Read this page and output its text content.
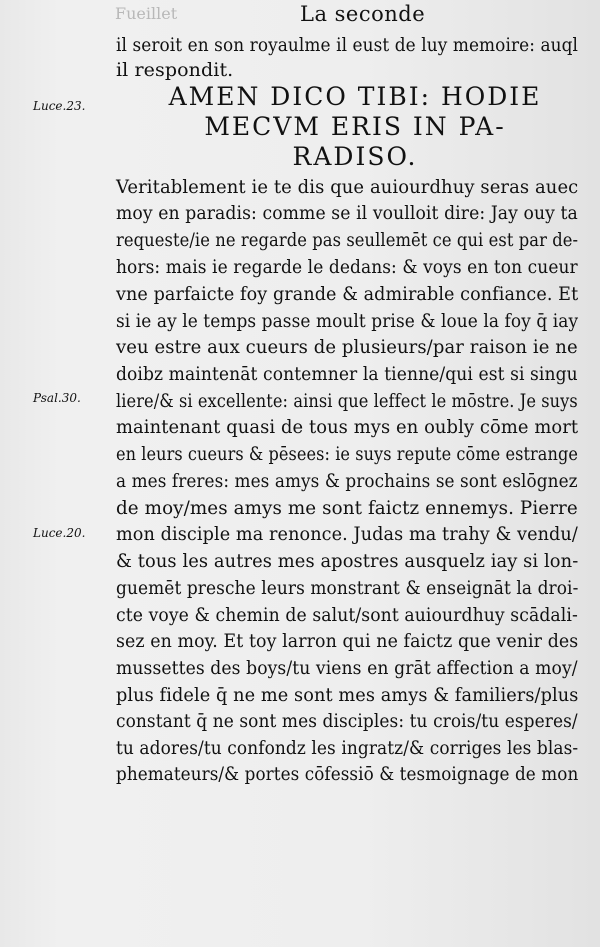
Fueillet	La seconde
Luce.23.
Psal.30.
Luce.20.
il seroit en son royaulme il eust de luy memoire: auql
il respondit.
AMEN DICO TIBI: HODIE
MECVM ERIS IN PA-
RADISO.
Veritablement ie te dis que auiourdhuy seras auec
moy en paradis: comme se il voulloit dire: Jay ouy ta
requeste/ie ne regarde pas seullemēt ce qui est par de-
hors: mais ie regarde le dedans: & voys en ton cueur
vne parfaicte foy grande & admirable confiance. Et
si ie ay le temps passe moult prise & loue la foy q̄ iay
veu estre aux cueurs de plusieurs/par raison ie ne
doibz maintenāt contemner la tienne/qui est si singu
liere/& si excellente: ainsi que leffect le mōstre. Je suys
maintenant quasi de tous mys en oubly cōme mort
en leurs cueurs & pēsees: ie suys repute cōme estrange
a mes freres: mes amys & prochains se sont eslōgnez
de moy/mes amys me sont faictz ennemys. Pierre
mon disciple ma renonce. Judas ma trahy & vendu/
& tous les autres mes apostres ausquelz iay si lon-
guemēt presche leurs monstrant & enseignāt la droi-
cte voye & chemin de salut/sont auiourdhuy scādali-
sez en moy. Et toy larron qui ne faictz que venir des
mussettes des boys/tu viens en grāt affection a moy/
plus fidele q̄ ne me sont mes amys & familiers/plus
constant q̄ ne sont mes disciples: tu crois/tu esperes/
tu adores/tu confondz les ingratz/& corriges les blas-
phemateurs/& portes cōfessiō & tesmoignage de mon
